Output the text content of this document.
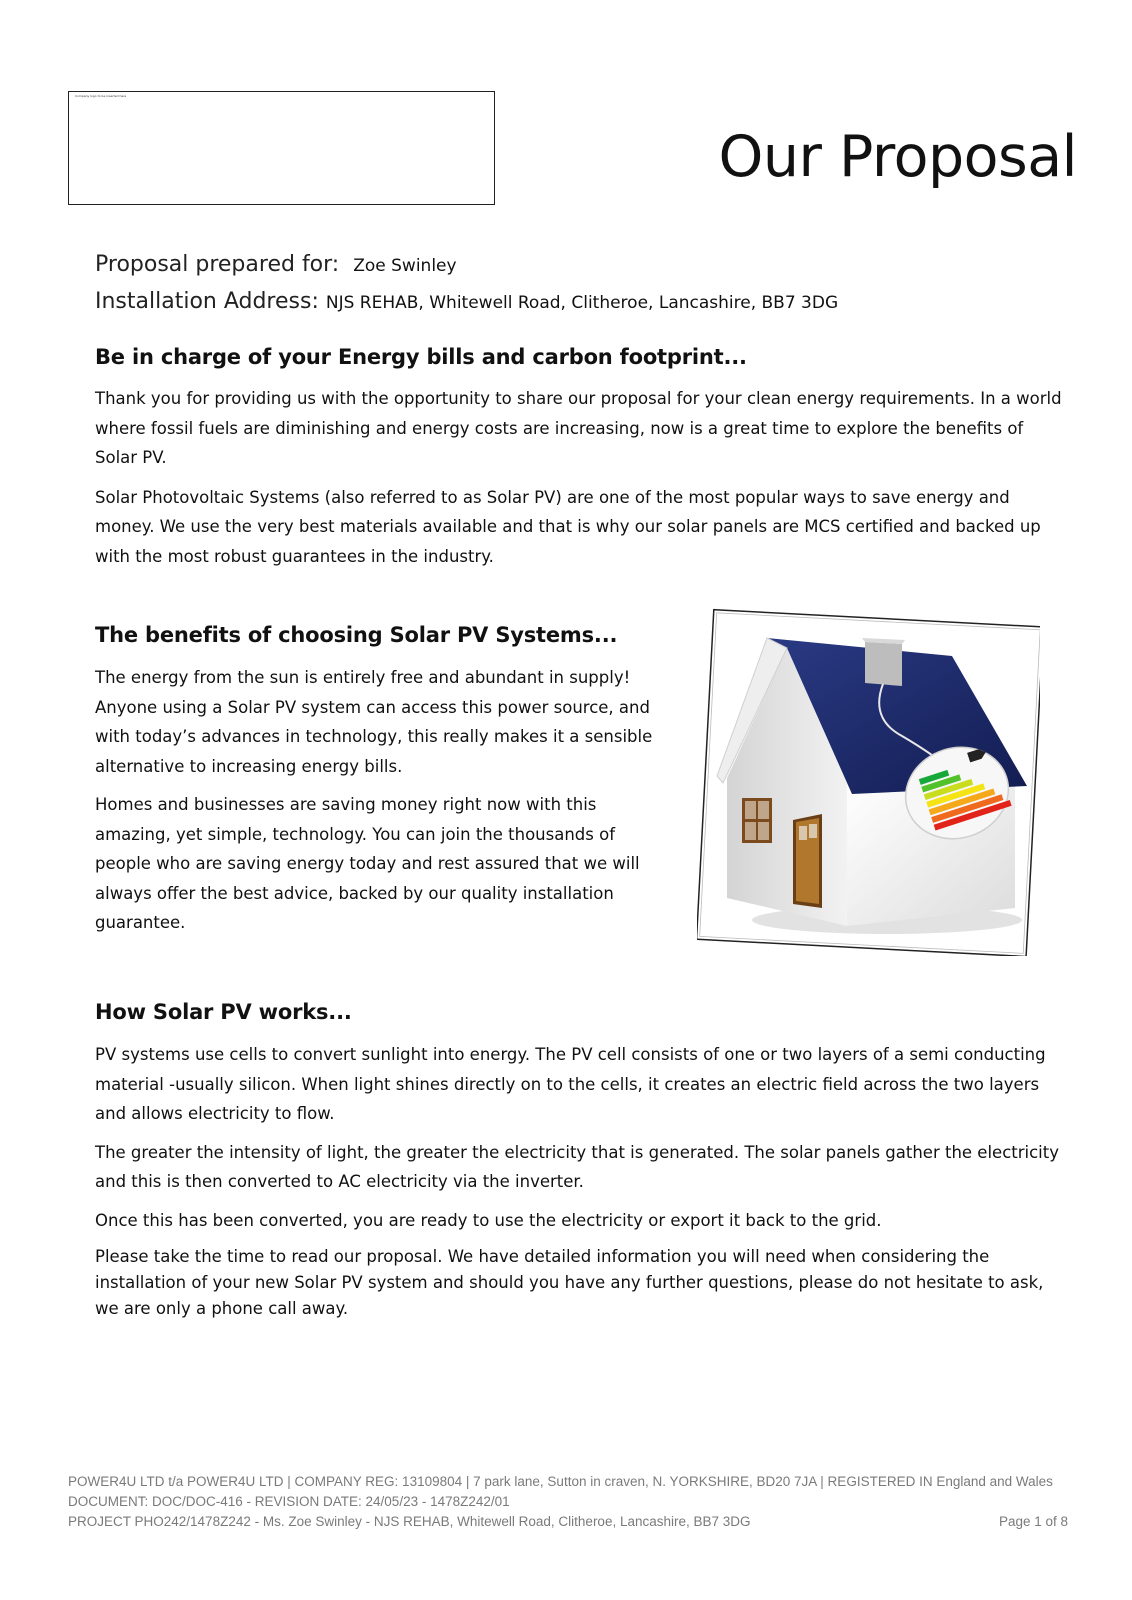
Company logo to be inserted here
Our Proposal
Proposal prepared for: Zoe Swinley
Installation Address: NJS REHAB, Whitewell Road, Clitheroe, Lancashire, BB7 3DG
Be in charge of your Energy bills and carbon footprint...

Thank you for providing us with the opportunity to share our proposal for your clean energy requirements. In a world where fossil fuels are diminishing and energy costs are increasing, now is a great time to explore the benefits of Solar PV.

Solar Photovoltaic Systems (also referred to as Solar PV) are one of the most popular ways to save energy and money. We use the very best materials available and that is why our solar panels are MCS certified and backed up with the most robust guarantees in the industry.

The benefits of choosing Solar PV Systems...

The energy from the sun is entirely free and abundant in supply! Anyone using a Solar PV system can access this power source, and with today’s advances in technology, this really makes it a sensible alternative to increasing energy bills.

Homes and businesses are saving money right now with this amazing, yet simple, technology. You can join the thousands of people who are saving energy today and rest assured that we will always offer the best advice, backed by our quality installation guarantee.

How Solar PV works...

PV systems use cells to convert sunlight into energy. The PV cell consists of one or two layers of a semi conducting material -usually silicon. When light shines directly on to the cells, it creates an electric field across the two layers and allows electricity to flow.

The greater the intensity of light, the greater the electricity that is generated. The solar panels gather the electricity and this is then converted to AC electricity via the inverter.

Once this has been converted, you are ready to use the electricity or export it back to the grid.

Please take the time to read our proposal. We have detailed information you will need when considering the installation of your new Solar PV system and should you have any further questions, please do not hesitate to ask, we are only a phone call away.

POWER4U LTD t/a POWER4U LTD | COMPANY REG: 13109804 | 7 park lane, Sutton in craven, N. YORKSHIRE, BD20 7JA | REGISTERED IN England and Wales
DOCUMENT: DOC/DOC-416 - REVISION DATE: 24/05/23 - 1478Z242/01
PROJECT PHO242/1478Z242 - Ms. Zoe Swinley - NJS REHAB, Whitewell Road, Clitheroe, Lancashire, BB7 3DG	Page 1 of 8
